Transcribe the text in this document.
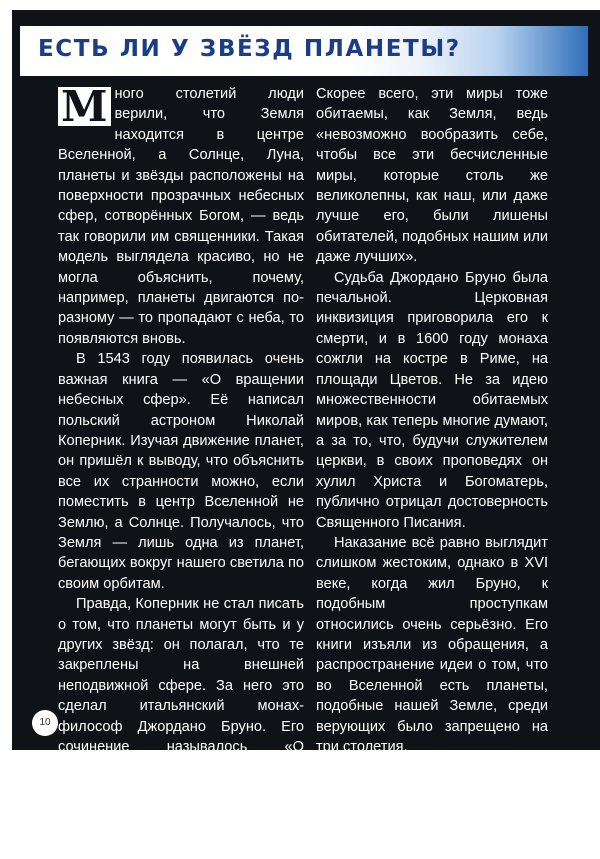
ЕСТЬ ЛИ У ЗВЁЗД ПЛАНЕТЫ?

М ного столетий люди верили, что Земля находится в центре Вселенной, а Солнце, Луна, планеты и звёзды расположены на поверхности прозрачных небесных сфер, сотворённых Богом, — ведь так говорили им священники. Такая модель выглядела красиво, но не могла объяснить, почему, например, планеты двигаются по-разному — то пропадают с неба, то появляются вновь.

В 1543 году появилась очень важная книга — «О вращении небесных сфер». Её написал польский астроном Николай Коперник. Изучая движение планет, он пришёл к выводу, что объяснить все их странности можно, если поместить в центр Вселенной не Землю, а Солнце. Получалось, что Земля — лишь одна из планет, бегающих вокруг нашего светила по своим орбитам.

Правда, Коперник не стал писать о том, что планеты могут быть и у других звёзд: он полагал, что те закреплены на внешней неподвижной сфере. За него это сделал итальянский монах-философ Джордано Бруно. Его сочинение называлось «О бесконечности, вселенной и мирах», а под «мирами» он понимал именно системы звёзд с планетами. Бруно утверждал: их количество огромно!

Скорее всего, эти миры тоже обитаемы, как Земля, ведь «невозможно вообразить себе, чтобы все эти бесчисленные миры, которые столь же великолепны, как наш, или даже лучше его, были лишены обитателей, подобных нашим или даже лучших».

Судьба Джордано Бруно была печальной. Церковная инквизиция приговорила его к смерти, и в 1600 году монаха сожгли на костре в Риме, на площади Цветов. Не за идею множественности обитаемых миров, как теперь многие думают, а за то, что, будучи служителем церкви, в своих проповедях он хулил Христа и Богоматерь, публично отрицал достоверность Священного Писания.

Наказание всё равно выглядит слишком жестоким, однако в XVI веке, когда жил Бруно, к подобным проступкам относились очень серьёзно. Его книги изъяли из обращения, а распространение идеи о том, что во Вселенной есть планеты, подобные нашей Земле, среди верующих было запрещено на три столетия.

Но учёные в поисках истины всегда обходили запреты, поэтому труды Коперника и Бруно продолжали обсуждать в научных кругах.

10
